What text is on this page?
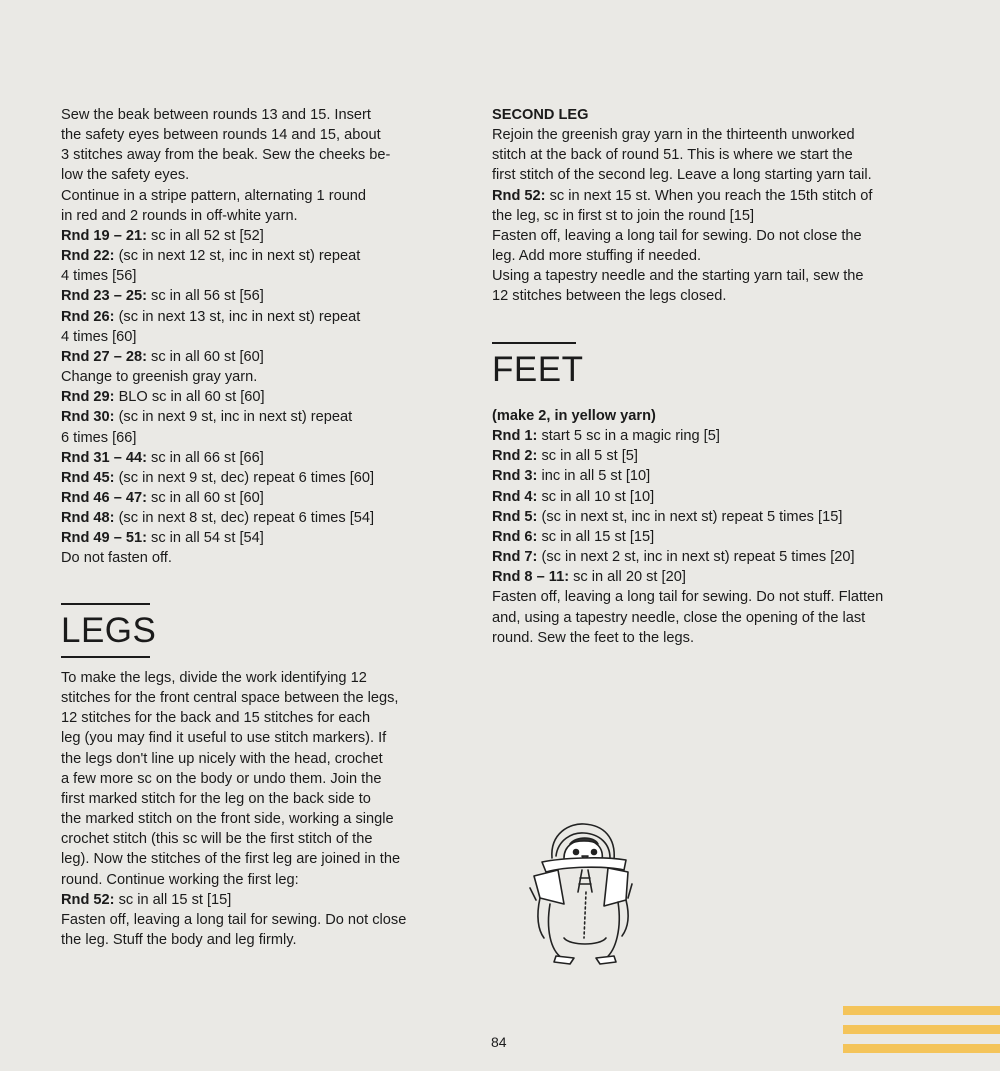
Sew the beak between rounds 13 and 15. Insert
the safety eyes between rounds 14 and 15, about
3 stitches away from the beak. Sew the cheeks be-
low the safety eyes.
Continue in a stripe pattern, alternating 1 round
in red and 2 rounds in off-white yarn.
Rnd 19 – 21: sc in all 52 st [52]
Rnd 22: (sc in next 12 st, inc in next st) repeat
4 times [56]
Rnd 23 – 25: sc in all 56 st [56]
Rnd 26: (sc in next 13 st, inc in next st) repeat
4 times [60]
Rnd 27 – 28: sc in all 60 st [60]
Change to greenish gray yarn.
Rnd 29: BLO sc in all 60 st [60]
Rnd 30: (sc in next 9 st, inc in next st) repeat
6 times [66]
Rnd 31 – 44: sc in all 66 st [66]
Rnd 45: (sc in next 9 st, dec) repeat 6 times [60]
Rnd 46 – 47: sc in all 60 st [60]
Rnd 48: (sc in next 8 st, dec) repeat 6 times [54]
Rnd 49 – 51: sc in all 54 st [54]
Do not fasten off.
LEGS
To make the legs, divide the work identifying 12
stitches for the front central space between the legs,
12 stitches for the back and 15 stitches for each
leg (you may find it useful to use stitch markers). If
the legs don't line up nicely with the head, crochet
a few more sc on the body or undo them. Join the
first marked stitch for the leg on the back side to
the marked stitch on the front side, working a single
crochet stitch (this sc will be the first stitch of the
leg). Now the stitches of the first leg are joined in the
round. Continue working the first leg:
Rnd 52: sc in all 15 st [15]
Fasten off, leaving a long tail for sewing. Do not close
the leg. Stuff the body and leg firmly.
SECOND LEG
Rejoin the greenish gray yarn in the thirteenth unworked
stitch at the back of round 51. This is where we start the
first stitch of the second leg. Leave a long starting yarn tail.
Rnd 52: sc in next 15 st. When you reach the 15th stitch of
the leg, sc in first st to join the round [15]
Fasten off, leaving a long tail for sewing. Do not close the
leg. Add more stuffing if needed.
Using a tapestry needle and the starting yarn tail, sew the
12 stitches between the legs closed.
FEET
(make 2, in yellow yarn)
Rnd 1: start 5 sc in a magic ring [5]
Rnd 2: sc in all 5 st [5]
Rnd 3: inc in all 5 st [10]
Rnd 4: sc in all 10 st [10]
Rnd 5: (sc in next st, inc in next st) repeat 5 times [15]
Rnd 6: sc in all 15 st [15]
Rnd 7: (sc in next 2 st, inc in next st) repeat 5 times [20]
Rnd 8 – 11: sc in all 20 st [20]
Fasten off, leaving a long tail for sewing. Do not stuff. Flatten
and, using a tapestry needle, close the opening of the last
round. Sew the feet to the legs.
84
